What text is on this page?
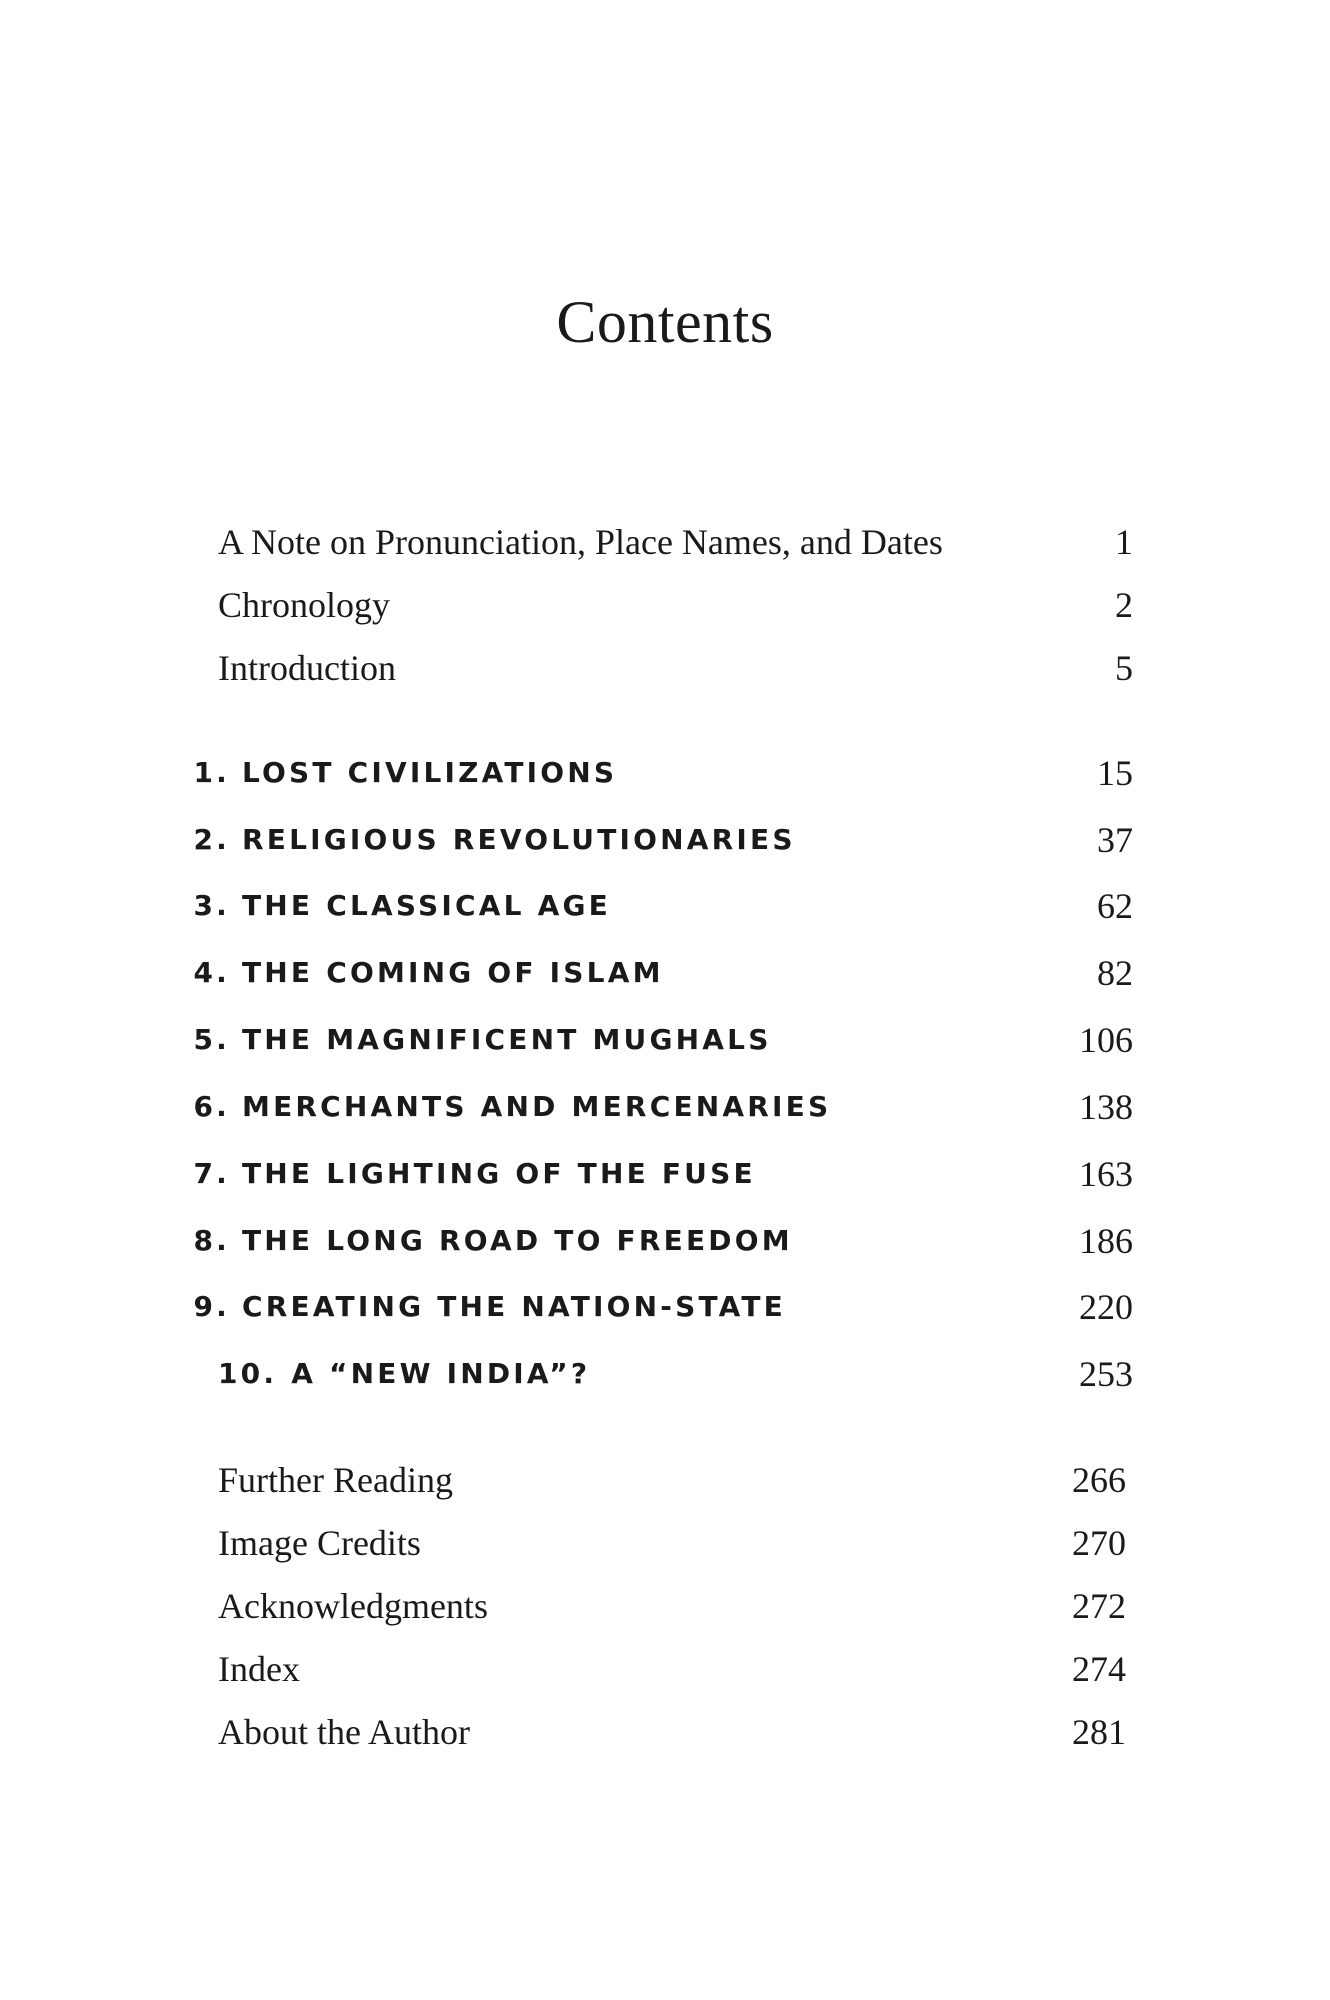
Contents
A Note on Pronunciation, Place Names, and Dates	1
Chronology	2
Introduction	5
1. LOST CIVILIZATIONS	15
2. RELIGIOUS REVOLUTIONARIES	37
3. THE CLASSICAL AGE	62
4. THE COMING OF ISLAM	82
5. THE MAGNIFICENT MUGHALS	106
6. MERCHANTS AND MERCENARIES	138
7. THE LIGHTING OF THE FUSE	163
8. THE LONG ROAD TO FREEDOM	186
9. CREATING THE NATION-STATE	220
10. A “NEW INDIA”?	253
Further Reading	266
Image Credits	270
Acknowledgments	272
Index	274
About the Author	281
